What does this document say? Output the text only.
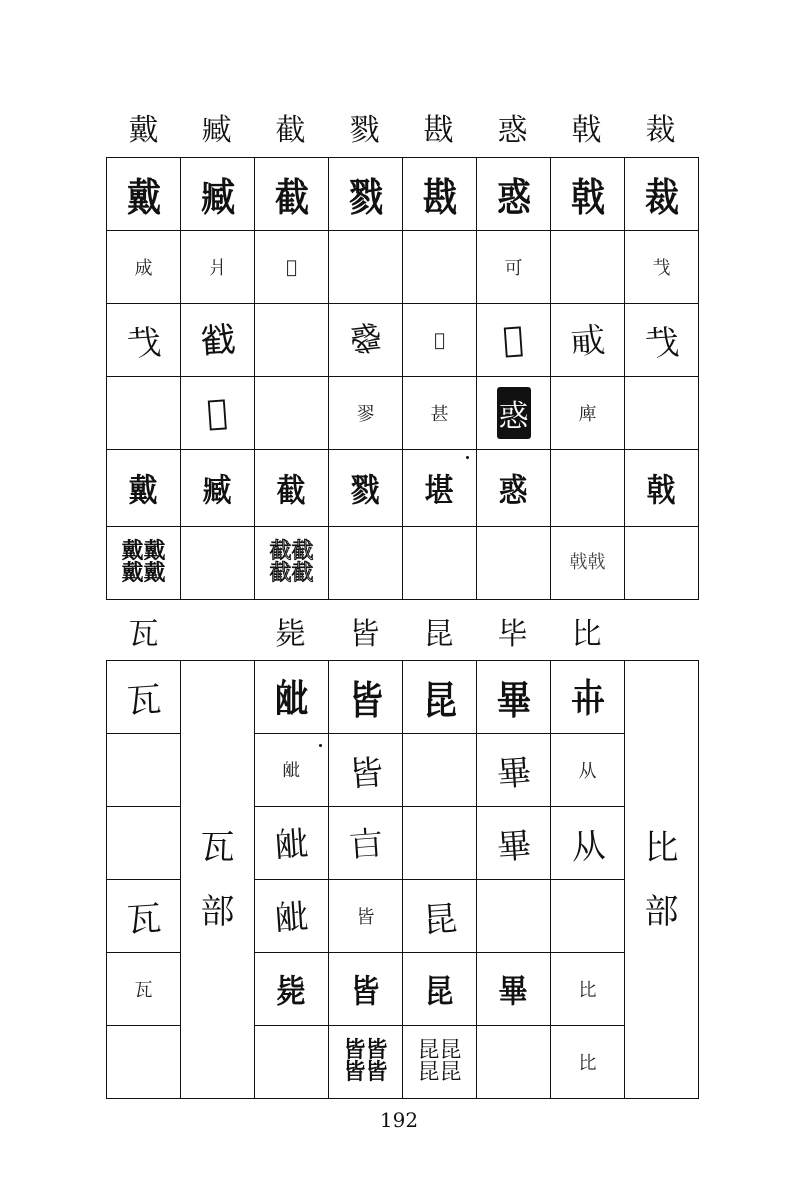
戴	臧	截	戮	戡	惑	戟	裁
戴	臧	截	戮	戡	惑	戟	裁
𢦓	爿	𢧐			可		𢦏
𢦏	𢧵		𢨋	𠂀	𢤔	𢦨	𢦏
	𤕫		翏	甚	惑	庳	
戴	臧	截	戮	堪	惑		戟
戴戴戴戴		截截截截				戟戟	
瓦	毙	皆	昆	毕	比
瓦	瓦部	𣬈	皆	昆	畢	𠦃	比部

		𣬈	皆		畢	从	
		𣬈	𣅀		畢	从	
瓦		𣬈	皆	昆			
瓦		毙	皆	昆	畢	比	
			皆皆皆皆	昆昆昆昆		比	
192
